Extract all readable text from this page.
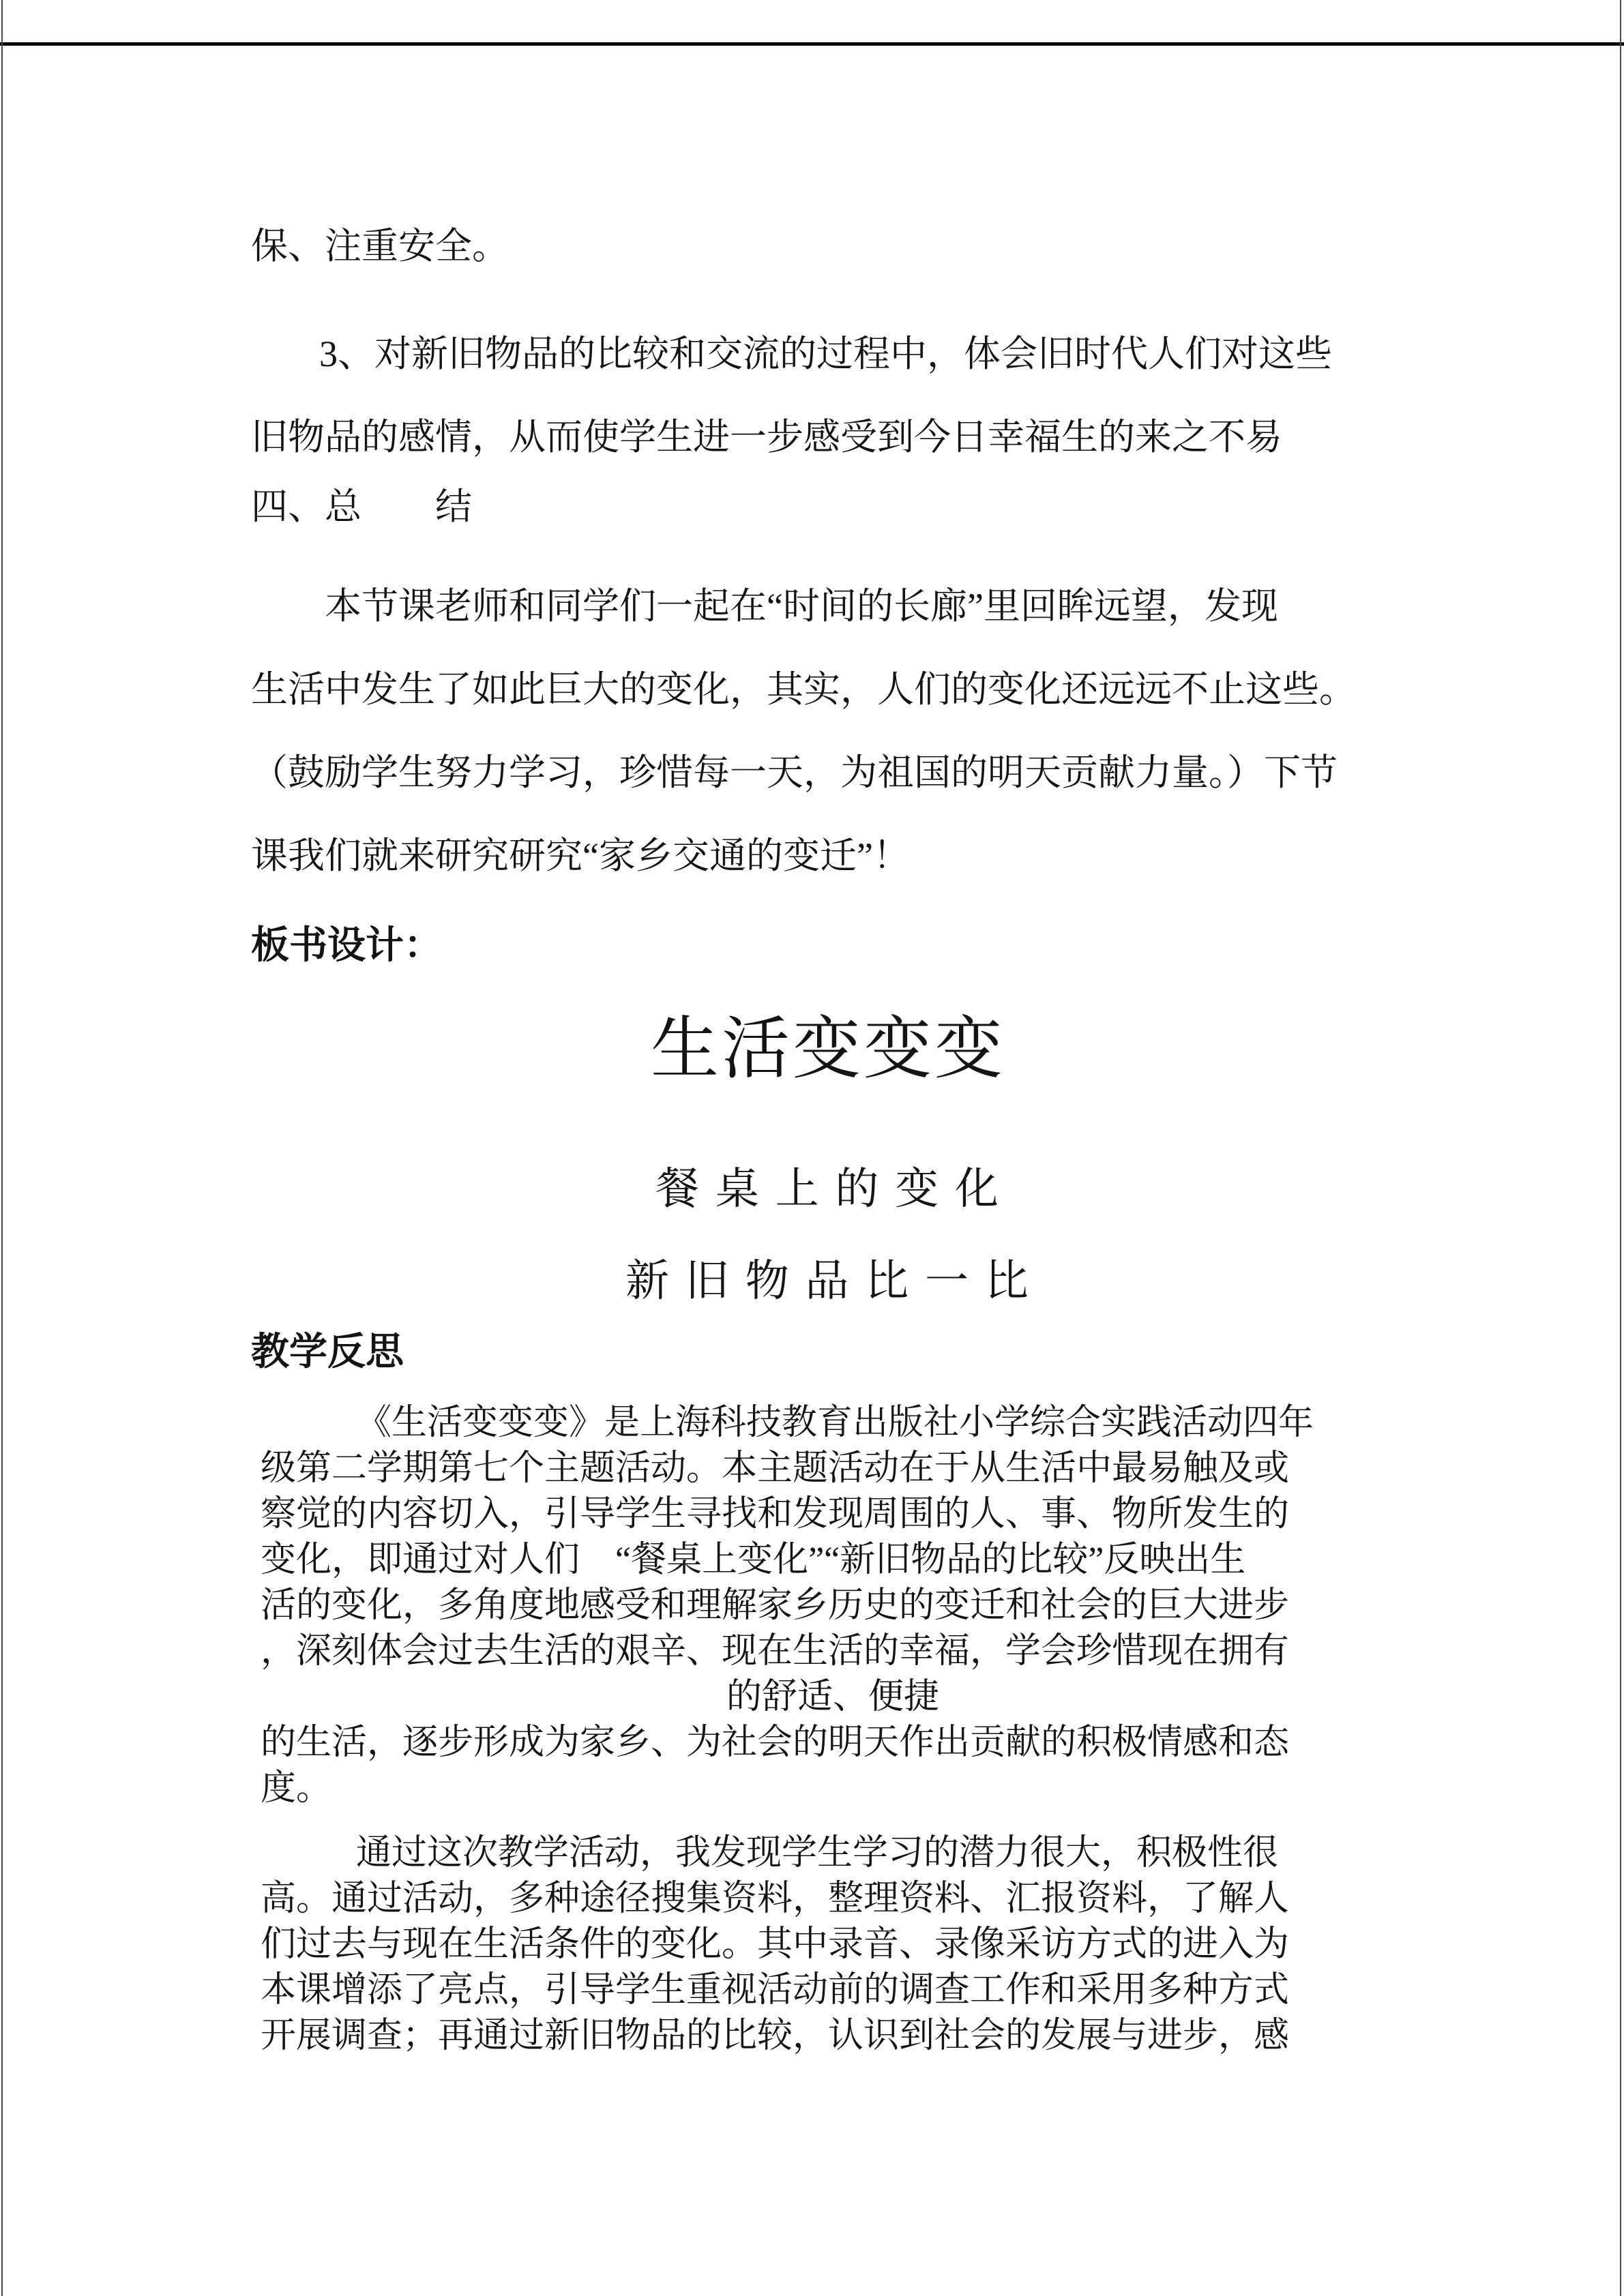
保、注重安全。
3、对新旧物品的比较和交流的过程中，体会旧时代人们对这些
旧物品的感情，从而使学生进一步感受到今日幸福生的来之不易
四、总　　结
本节课老师和同学们一起在“时间的长廊”里回眸远望，发现
生活中发生了如此巨大的变化，其实，人们的变化还远远不止这些。
（鼓励学生努力学习，珍惜每一天，为祖国的明天贡献力量。）下节
课我们就来研究研究“家乡交通的变迁”！
板书设计：
生活变变变
餐 桌 上 的 变 化
新 旧 物 品 比 一 比
教学反思
《生活变变变》是上海科技教育出版社小学综合实践活动四年
级第二学期第七个主题活动。本主题活动在于从生活中最易触及或
察觉的内容切入，引导学生寻找和发现周围的人、事、物所发生的
变化，即通过对人们　“餐桌上变化”“新旧物品的比较”反映出生
活的变化，多角度地感受和理解家乡历史的变迁和社会的巨大进步
，深刻体会过去生活的艰辛、现在生活的幸福，学会珍惜现在拥有
的舒适、便捷
的生活，逐步形成为家乡、为社会的明天作出贡献的积极情感和态
度。
通过这次教学活动，我发现学生学习的潜力很大，积极性很
高。通过活动，多种途径搜集资料，整理资料、汇报资料，了解人
们过去与现在生活条件的变化。其中录音、录像采访方式的进入为
本课增添了亮点，引导学生重视活动前的调查工作和采用多种方式
开展调查；再通过新旧物品的比较，认识到社会的发展与进步，感
